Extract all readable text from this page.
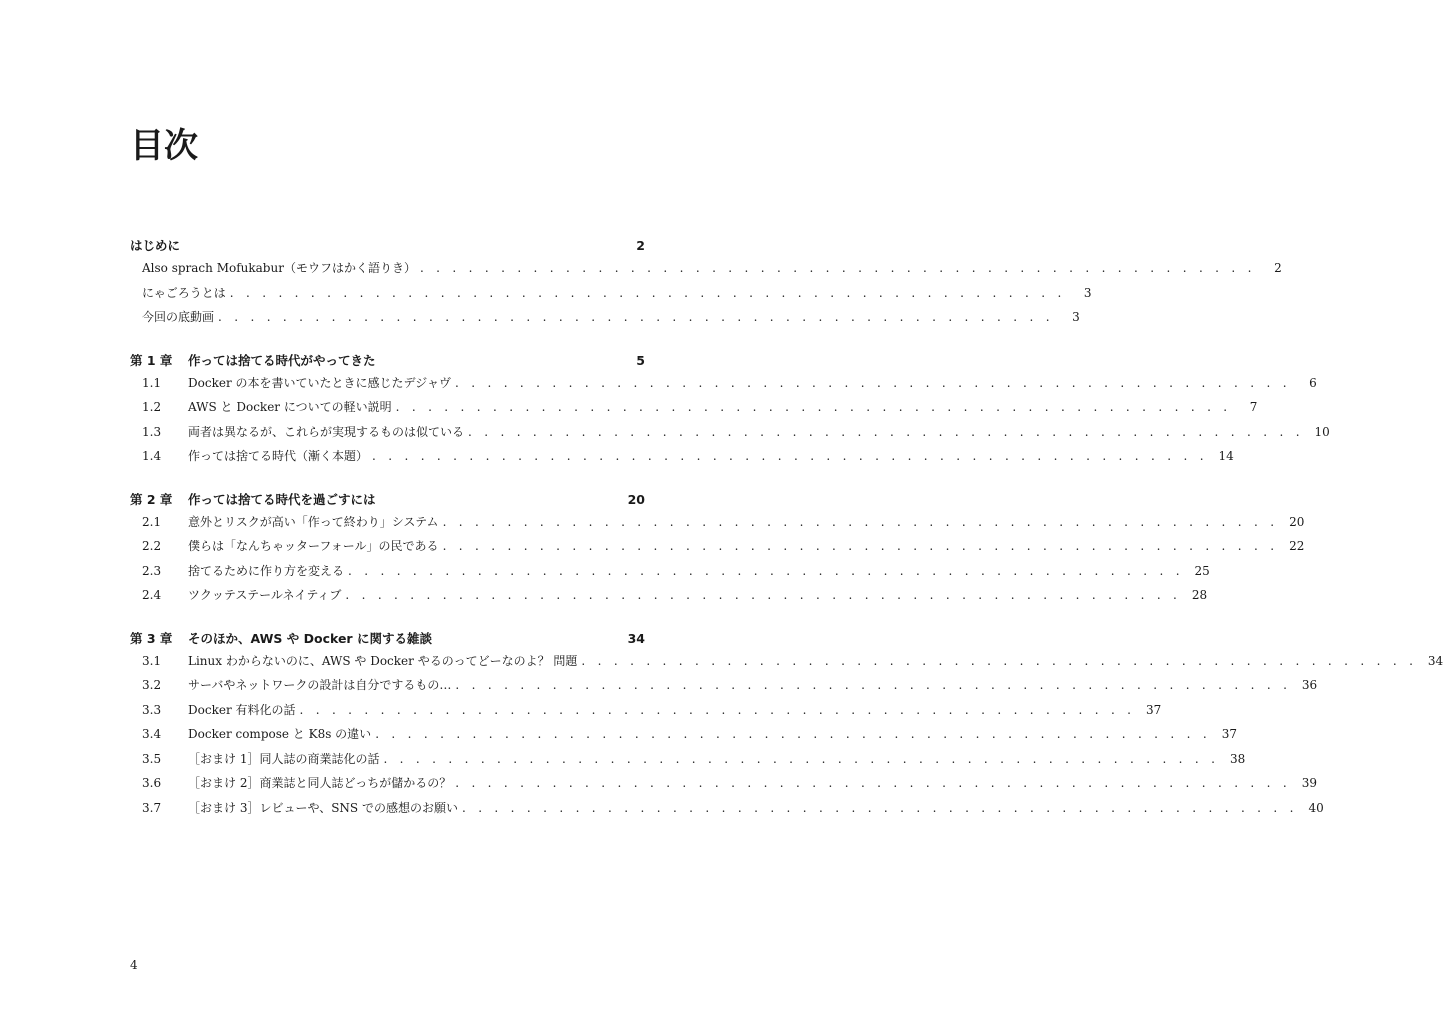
目次
はじめに	2
Also sprach Mofukabur（モウフはかく語りき） . . . . . . . . . . . . . . . . . . . . . . . . . . . . . . . . . . . . . . . . . . . . . . . . . . . .	2
にゃごろうとは . . . . . . . . . . . . . . . . . . . . . . . . . . . . . . . . . . . . . . . . . . . . . . . . . . . .	3
今回の底動画 . . . . . . . . . . . . . . . . . . . . . . . . . . . . . . . . . . . . . . . . . . . . . . . . . . . .	3
第 1 章	作っては捨てる時代がやってきた	5
1.1	Docker の本を書いていたときに感じたデジャヴ . . . . . . . . . . . . . . . . . . . . . . . . . . . . . . . . . . . . . . . . . . . . . . . . . . . .	6
1.2	AWS と Docker についての軽い説明 . . . . . . . . . . . . . . . . . . . . . . . . . . . . . . . . . . . . . . . . . . . . . . . . . . . .	7
1.3	両者は異なるが、これらが実現するものは似ている . . . . . . . . . . . . . . . . . . . . . . . . . . . . . . . . . . . . . . . . . . . . . . . . . . . . 10
1.4	作っては捨てる時代（漸く本題） . . . . . . . . . . . . . . . . . . . . . . . . . . . . . . . . . . . . . . . . . . . . . . . . . . . . 14
第 2 章	作っては捨てる時代を過ごすには	20
2.1	意外とリスクが高い「作って終わり」システム . . . . . . . . . . . . . . . . . . . . . . . . . . . . . . . . . . . . . . . . . . . . . . . . . . . . 20
2.2	僕らは「なんちゃッターフォール」の民である . . . . . . . . . . . . . . . . . . . . . . . . . . . . . . . . . . . . . . . . . . . . . . . . . . . . 22
2.3	捨てるために作り方を変える . . . . . . . . . . . . . . . . . . . . . . . . . . . . . . . . . . . . . . . . . . . . . . . . . . . . 25
2.4	ツクッテステールネイティブ . . . . . . . . . . . . . . . . . . . . . . . . . . . . . . . . . . . . . . . . . . . . . . . . . . . . 28
第 3 章	そのほか、AWS や Docker に関する雑談	34
3.1	Linux わからないのに、AWS や Docker やるのってどーなのよ？ 問題 . . . . . . . . . . . . . . . . . . . . . . . . . . . . . . . . . . . . . . . . . . . . . . . . . . . . 34
3.2	サーバやネットワークの設計は自分でするもの… . . . . . . . . . . . . . . . . . . . . . . . . . . . . . . . . . . . . . . . . . . . . . . . . . . . . 36
3.3	Docker 有料化の話 . . . . . . . . . . . . . . . . . . . . . . . . . . . . . . . . . . . . . . . . . . . . . . . . . . . . 37
3.4	Docker compose と K8s の違い . . . . . . . . . . . . . . . . . . . . . . . . . . . . . . . . . . . . . . . . . . . . . . . . . . . . 37
3.5	［おまけ 1］同人誌の商業誌化の話 . . . . . . . . . . . . . . . . . . . . . . . . . . . . . . . . . . . . . . . . . . . . . . . . . . . . 38
3.6	［おまけ 2］商業誌と同人誌どっちが儲かるの？ . . . . . . . . . . . . . . . . . . . . . . . . . . . . . . . . . . . . . . . . . . . . . . . . . . . . 39
3.7	［おまけ 3］レビューや、SNS での感想のお願い . . . . . . . . . . . . . . . . . . . . . . . . . . . . . . . . . . . . . . . . . . . . . . . . . . . . 40
4
